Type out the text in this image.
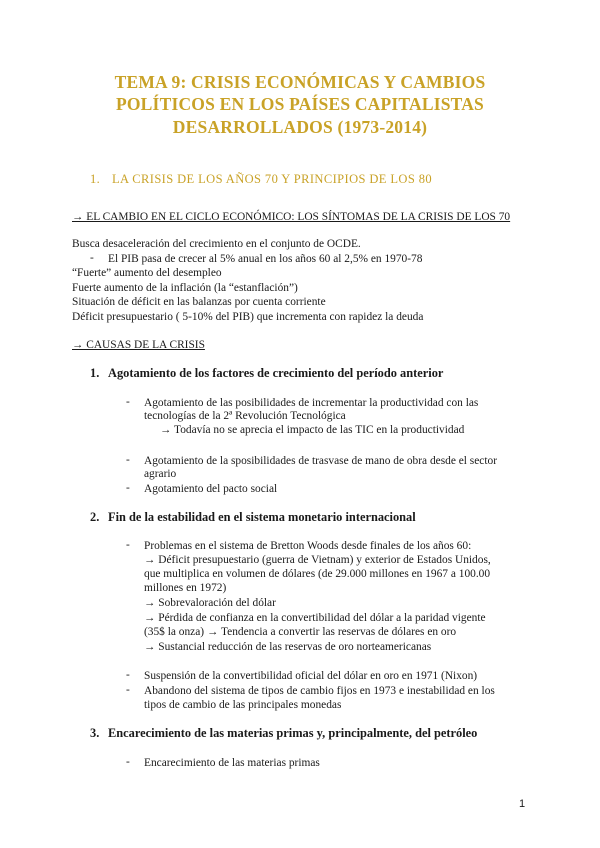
TEMA 9: CRISIS ECONÓMICAS Y CAMBIOS
POLÍTICOS EN LOS PAÍSES CAPITALISTAS
DESARROLLADOS (1973-2014)
1. LA CRISIS DE LOS AÑOS 70 Y PRINCIPIOS DE LOS 80
→ EL CAMBIO EN EL CICLO ECONÓMICO: LOS SÍNTOMAS DE LA CRISIS DE LOS 70
Busca desaceleración del crecimiento en el conjunto de OCDE.
- El PIB pasa de crecer al 5% anual en los años 60 al 2,5% en 1970-78
“Fuerte” aumento del desempleo
Fuerte aumento de la inflación (la “estanflación”)
Situación de déficit en las balanzas por cuenta corriente
Déficit presupuestario ( 5-10% del PIB) que incrementa con rapidez la deuda
→ CAUSAS DE LA CRISIS
1. Agotamiento de los factores de crecimiento del período anterior
- Agotamiento de las posibilidades de incrementar la productividad con las
tecnologías de la 2ª Revolución Tecnológica
→ Todavía no se aprecia el impacto de las TIC en la productividad
- Agotamiento de la sposibilidades de trasvase de mano de obra desde el sector
agrario
- Agotamiento del pacto social
2. Fin de la estabilidad en el sistema monetario internacional
- Problemas en el sistema de Bretton Woods desde finales de los años 60:
→ Déficit presupuestario (guerra de Vietnam) y exterior de Estados Unidos,
que multiplica en volumen de dólares (de 29.000 millones en 1967 a 100.00
millones en 1972)
→ Sobrevaloración del dólar
→ Pérdida de confianza en la convertibilidad del dólar a la paridad vigente
(35$ la onza) → Tendencia a convertir las reservas de dólares en oro
→ Sustancial reducción de las reservas de oro norteamericanas
- Suspensión de la convertibilidad oficial del dólar en oro en 1971 (Nixon)
- Abandono del sistema de tipos de cambio fijos en 1973 e inestabilidad en los
tipos de cambio de las principales monedas
3. Encarecimiento de las materias primas y, principalmente, del petróleo
- Encarecimiento de las materias primas
1
